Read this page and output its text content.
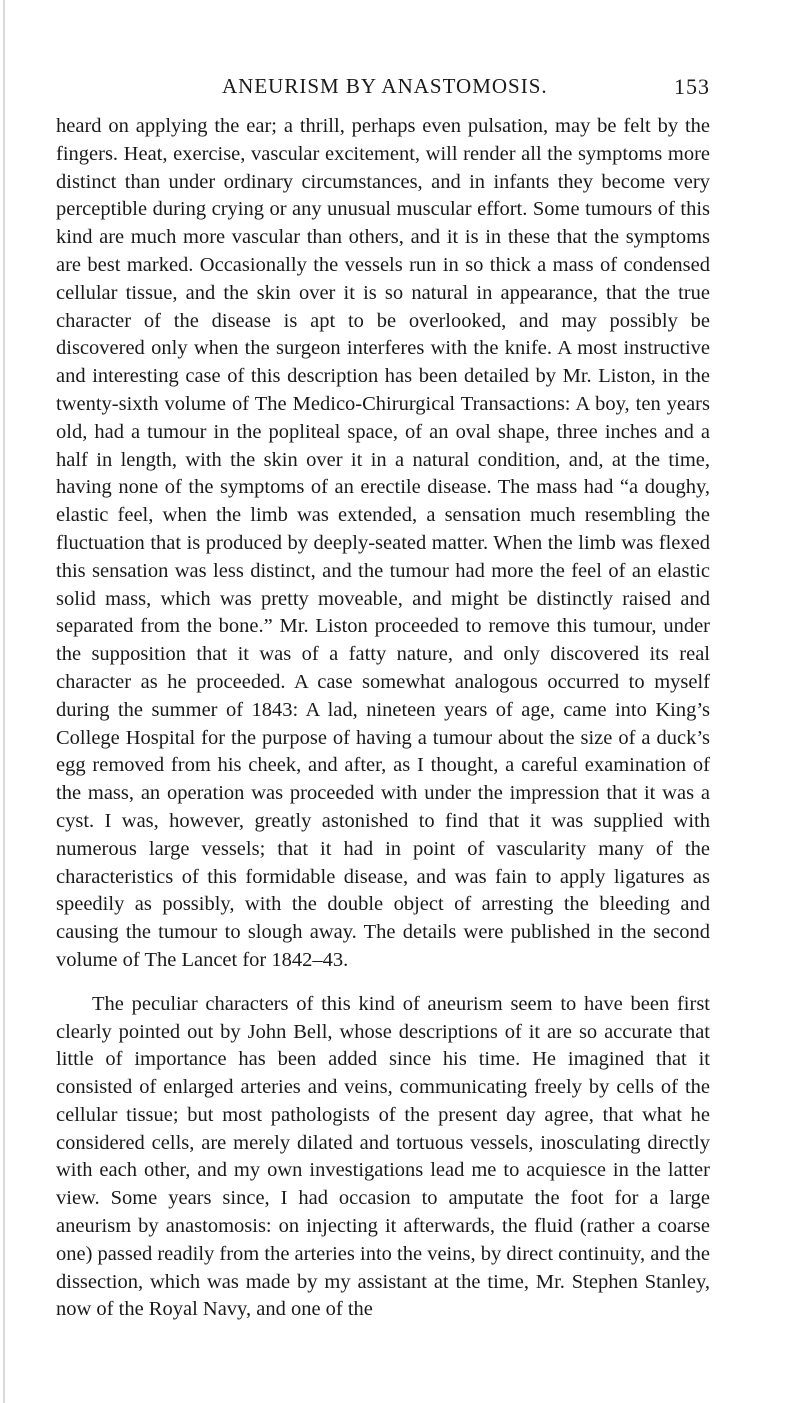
ANEURISM BY ANASTOMOSIS.	153

heard on applying the ear; a thrill, perhaps even pulsation, may be felt by the fingers. Heat, exercise, vascular excitement, will render all the symptoms more distinct than under ordinary circumstances, and in infants they become very perceptible during crying or any unusual muscular effort. Some tumours of this kind are much more vascular than others, and it is in these that the symptoms are best marked. Occasionally the vessels run in so thick a mass of condensed cellular tissue, and the skin over it is so natural in appearance, that the true character of the disease is apt to be overlooked, and may possibly be discovered only when the surgeon interferes with the knife. A most instructive and interesting case of this description has been detailed by Mr. Liston, in the twenty-sixth volume of The Medico-Chirurgical Transactions: A boy, ten years old, had a tumour in the popliteal space, of an oval shape, three inches and a half in length, with the skin over it in a natural condition, and, at the time, having none of the symptoms of an erectile disease. The mass had “a doughy, elastic feel, when the limb was extended, a sensation much resembling the fluctuation that is produced by deeply-seated matter. When the limb was flexed this sensation was less distinct, and the tumour had more the feel of an elastic solid mass, which was pretty moveable, and might be distinctly raised and separated from the bone.” Mr. Liston proceeded to remove this tumour, under the supposition that it was of a fatty nature, and only discovered its real character as he proceeded. A case somewhat analogous occurred to myself during the summer of 1843: A lad, nineteen years of age, came into King’s College Hospital for the purpose of having a tumour about the size of a duck’s egg removed from his cheek, and after, as I thought, a careful examination of the mass, an operation was proceeded with under the impression that it was a cyst. I was, however, greatly astonished to find that it was supplied with numerous large vessels; that it had in point of vascularity many of the characteristics of this formidable disease, and was fain to apply ligatures as speedily as possibly, with the double object of arresting the bleeding and causing the tumour to slough away. The details were published in the second volume of The Lancet for 1842–43.

The peculiar characters of this kind of aneurism seem to have been first clearly pointed out by John Bell, whose descriptions of it are so accurate that little of importance has been added since his time. He imagined that it consisted of enlarged arteries and veins, communicating freely by cells of the cellular tissue; but most pathologists of the present day agree, that what he considered cells, are merely dilated and tortuous vessels, inosculating directly with each other, and my own investigations lead me to acquiesce in the latter view. Some years since, I had occasion to amputate the foot for a large aneurism by anastomosis: on injecting it afterwards, the fluid (rather a coarse one) passed readily from the arteries into the veins, by direct continuity, and the dissection, which was made by my assistant at the time, Mr. Stephen Stanley, now of the Royal Navy, and one of the
